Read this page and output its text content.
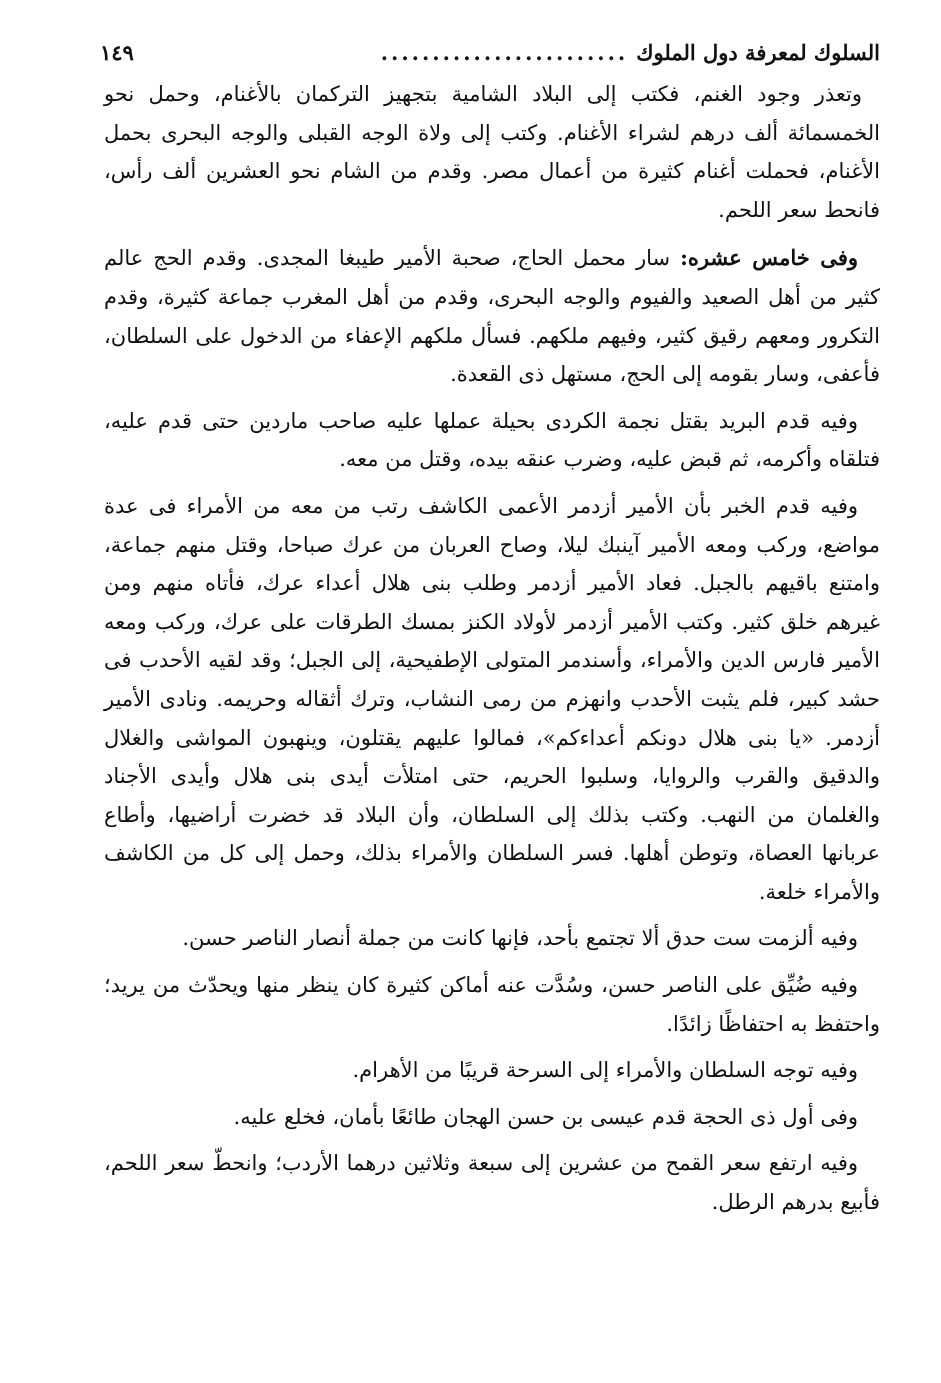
السلوك لمعرفة دول الملوك
........................
١٤٩

وتعذر وجود الغنم، فكتب إلى البلاد الشامية بتجهيز التركمان بالأغنام، وحمل نحو الخمسمائة ألف درهم لشراء الأغنام. وكتب إلى ولاة الوجه القبلى والوجه البحرى بحمل الأغنام، فحملت أغنام كثيرة من أعمال مصر. وقدم من الشام نحو العشرين ألف رأس، فانحط سعر اللحم.

وفى خامس عشره: سار محمل الحاج، صحبة الأمير طيبغا المجدى. وقدم الحج عالم كثير من أهل الصعيد والفيوم والوجه البحرى، وقدم من أهل المغرب جماعة كثيرة، وقدم التكرور ومعهم رقيق كثير، وفيهم ملكهم. فسأل ملكهم الإعفاء من الدخول على السلطان، فأعفى، وسار بقومه إلى الحج، مستهل ذى القعدة.

وفيه قدم البريد بقتل نجمة الكردى بحيلة عملها عليه صاحب ماردين حتى قدم عليه، فتلقاه وأكرمه، ثم قبض عليه، وضرب عنقه بيده، وقتل من معه.

وفيه قدم الخبر بأن الأمير أزدمر الأعمى الكاشف رتب من معه من الأمراء فى عدة مواضع، وركب ومعه الأمير آينبك ليلا، وصاح العربان من عرك صباحا، وقتل منهم جماعة، وامتنع باقيهم بالجبل. فعاد الأمير أزدمر وطلب بنى هلال أعداء عرك، فأتاه منهم ومن غيرهم خلق كثير. وكتب الأمير أزدمر لأولاد الكنز بمسك الطرقات على عرك، وركب ومعه الأمير فارس الدين والأمراء، وأسندمر المتولى الإطفيحية، إلى الجبل؛ وقد لقيه الأحدب فى حشد كبير، فلم يثبت الأحدب وانهزم من رمى النشاب، وترك أثقاله وحريمه. ونادى الأمير أزدمر. «يا بنى هلال دونكم أعداءكم»، فمالوا عليهم يقتلون، وينهبون المواشى والغلال والدقيق والقرب والروايا، وسلبوا الحريم، حتى امتلأت أيدى بنى هلال وأيدى الأجناد والغلمان من النهب. وكتب بذلك إلى السلطان، وأن البلاد قد خضرت أراضيها، وأطاع عربانها العصاة، وتوطن أهلها. فسر السلطان والأمراء بذلك، وحمل إلى كل من الكاشف والأمراء خلعة.

وفيه ألزمت ست حدق ألا تجتمع بأحد، فإنها كانت من جملة أنصار الناصر حسن.

وفيه ضُيِّق على الناصر حسن، وسُدَّت عنه أماكن كثيرة كان ينظر منها ويحدّث من يريد؛ واحتفظ به احتفاظًا زائدًا.

وفيه توجه السلطان والأمراء إلى السرحة قريبًا من الأهرام.

وفى أول ذى الحجة قدم عيسى بن حسن الهجان طائعًا بأمان، فخلع عليه.

وفيه ارتفع سعر القمح من عشرين إلى سبعة وثلاثين درهما الأردب؛ وانحطّ سعر اللحم، فأبيع بدرهم الرطل.
